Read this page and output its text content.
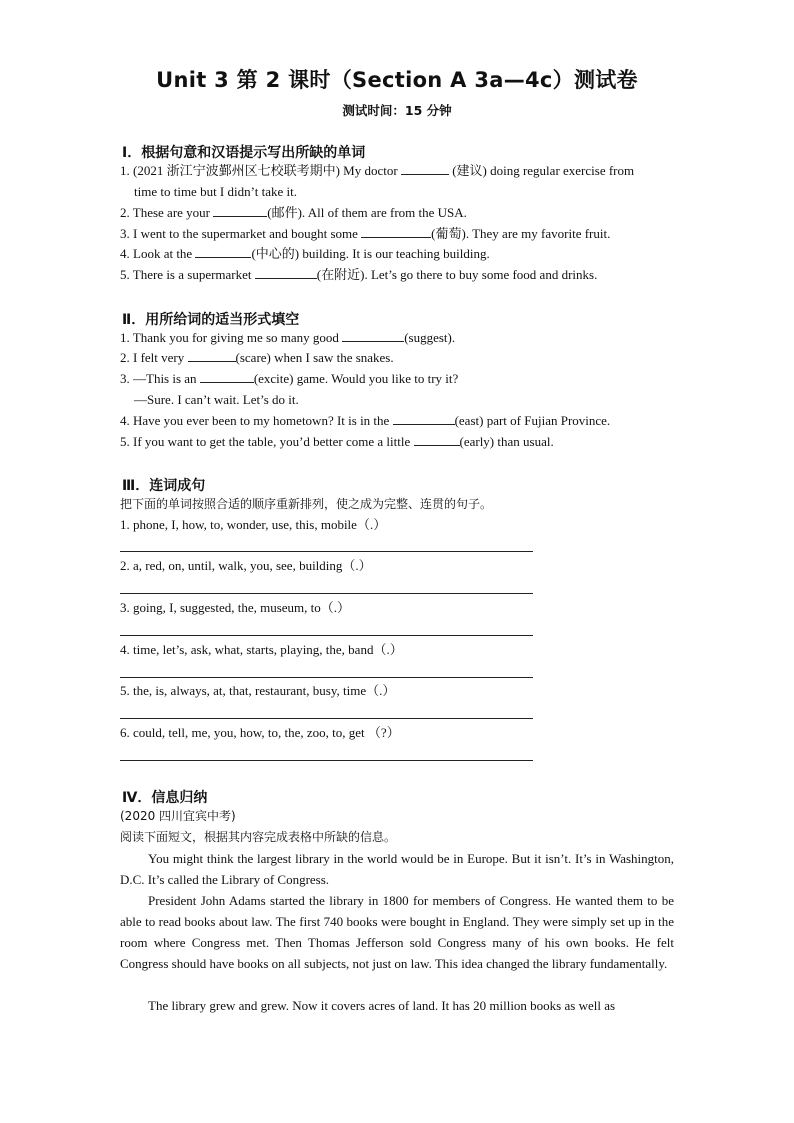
Unit 3 第 2 课时（Section A 3a—4c）测试卷
测试时间：15 分钟
Ⅰ．根据句意和汉语提示写出所缺的单词
1. (2021 浙江宁波鄞州区七校联考期中) My doctor	(建议) doing regular exercise from
time to time but I didn’t take it.
2. These are your	(邮件). All of them are from the USA.
3. I went to the supermarket and bought some	(葡萄). They are my favorite fruit.
4. Look at the	(中心的) building. It is our teaching building.
5. There is a supermarket	(在附近). Let’s go there to buy some food and drinks.
Ⅱ．用所给词的适当形式填空
1. Thank you for giving me so many good	(suggest).
2. I felt very	(scare) when I saw the snakes.
3. —This is an	(excite) game. Would you like to try it?
—Sure. I can’t wait. Let’s do it.
4. Have you ever been to my hometown? It is in the	(east) part of Fujian Province.
5. If you want to get the table, you’d better come a little	(early) than usual.
Ⅲ．连词成句
把下面的单词按照合适的顺序重新排列，使之成为完整、连贯的句子。
1. phone, I, how, to, wonder, use, this, mobile（.）
2. a, red, on, until, walk, you, see, building（.）
3. going, I, suggested, the, museum, to（.）
4. time, let’s, ask, what, starts, playing, the, band（.）
5. the, is, always, at, that, restaurant, busy, time（.）
6. could, tell, me, you, how, to, the, zoo, to, get （?）
Ⅳ．信息归纳
(2020 四川宜宾中考)
阅读下面短文，根据其内容完成表格中所缺的信息。
You might think the largest library in the world would be in Europe. But it isn’t. It’s in Washington, D.C. It’s called the Library of Congress.
President John Adams started the library in 1800 for members of Congress. He wanted them to be able to read books about law. The first 740 books were bought in England. They were simply set up in the room where Congress met. Then Thomas Jefferson sold Congress many of his own books. He felt Congress should have books on all subjects, not just on law. This idea changed the library fundamentally.
The library grew and grew. Now it covers acres of land. It has 20 million books as well as
